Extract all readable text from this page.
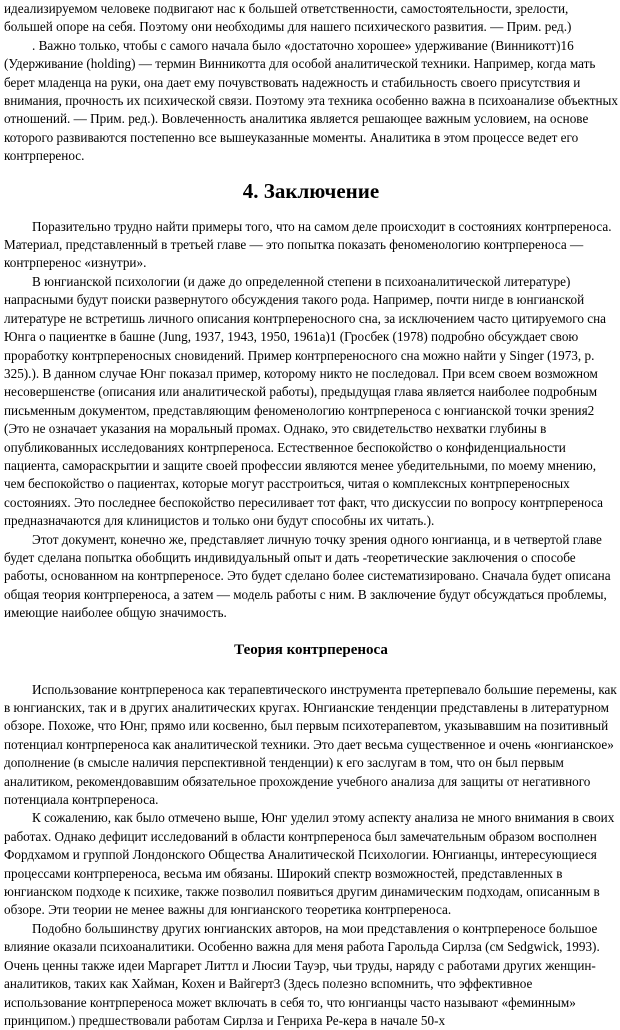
идеализируемом человеке подвигают нас к большей ответственности, самостоятельности, зрелости, большей опоре на себя. Поэтому они необходимы для нашего психического развития. — Прим. ред.)

. Важно только, чтобы с самого начала было «достаточно хорошее» удерживание (Винникотт)16 (Удерживание (holding) — термин Винникотта для особой аналитической техники. Например, когда мать берет младенца на руки, она дает ему почувствовать надежность и стабильность своего присутствия и внимания, прочность их психической связи. Поэтому эта техника особенно важна в психоанализе объектных отношений. — Прим. ред.). Вовлеченность аналитика является решающее важным условием, на основе которого развиваются постепенно все вышеуказанные моменты. Аналитика в этом процессе ведет его контрперенос.

4. Заключение

Поразительно трудно найти примеры того, что на самом деле происходит в состояниях контрпереноса. Материал, представленный в третьей главе — это попытка показать феноменологию контрпереноса — контрперенос «изнутри».

В юнгианской психологии (и даже до определенной степени в психоаналитической литературе) напрасными будут поиски развернутого обсуждения такого рода. Например, почти нигде в юнгианской литературе не встретишь личного описания контрпереносного сна, за исключением часто цитируемого сна Юнга о пациентке в башне (Jung, 1937, 1943, 1950, 1961a)1 (Гросбек (1978) подробно обсуждает свою проработку контрпереносных сновидений. Пример контрпереносного сна можно найти у Singer (1973, р. 325).). В данном случае Юнг показал пример, которому никто не последовал. При всем своем возможном несовершенстве (описания или аналитической работы), предыдущая глава является наиболее подробным письменным документом, представляющим феноменологию контрпереноса с юнгианской точки зрения2 (Это не означает указания на моральный промах. Однако, это свидетельство нехватки глубины в опубликованных исследованиях контрпереноса. Естественное беспокойство о конфиденциальности пациента, самораскрытии и защите своей профессии являются менее убедительными, по моему мнению, чем беспокойство о пациентах, которые могут расстроиться, читая о комплексных контрпереносных состояниях. Это последнее беспокойство пересиливает тот факт, что дискуссии по вопросу контрпереноса предназначаются для клиницистов и только они будут способны их читать.).

Этот документ, конечно же, представляет личную точку зрения одного юнгианца, и в четвертой главе будет сделана попытка обобщить индивидуальный опыт и дать -теоретические заключения о способе работы, основанном на контрпереносе. Это будет сделано более систематизировано. Сначала будет описана общая теория контрпереноса, а затем — модель работы с ним. В заключение будут обсуждаться проблемы, имеющие наиболее общую значимость.

Теория контрпереноса

Использование контрпереноса как терапевтического инструмента претерпевало большие перемены, как в юнгианских, так и в других аналитических кругах. Юнгианские тенденции представлены в литературном обзоре. Похоже, что Юнг, прямо или косвенно, был первым психотерапевтом, указывавшим на позитивный потенциал контрпереноса как аналитической техники. Это дает весьма существенное и очень «юнгианское» дополнение (в смысле наличия перспективной тенденции) к его заслугам в том, что он был первым аналитиком, рекомендовавшим обязательное прохождение учебного анализа для защиты от негативного потенциала контрпереноса.

К сожалению, как было отмечено выше, Юнг уделил этому аспекту анализа не много внимания в своих работах. Однако дефицит исследований в области контрпереноса был замечательным образом восполнен Фордхамом и группой Лондонского Общества Аналитической Психологии. Юнгианцы, интересующиеся процессами контрпереноса, весьма им обязаны. Широкий спектр возможностей, представленных в юнгианском подходе к психике, также позволил появиться другим динамическим подходам, описанным в обзоре. Эти теории не менее важны для юнгианского теоретика контрпереноса.

Подобно большинству других юнгианских авторов, на мои представления о контрпереносе большое влияние оказали психоаналитики. Особенно важна для меня работа Гарольда Сирлза (см Sedgwick, 1993). Очень ценны также идеи Маргарет Литтл и Люсии Тауэр, чьи труды, наряду с работами других женщин-аналитиков, таких как Хайман, Кохен и Вайгерт3 (Здесь полезно вспомнить, что эффективное использование контрпереноса может включать в себя то, что юнгианцы часто называют «феминным» принципом.) предшествовали работам Сирлза и Генриха Ре-кера в начале 50-х
